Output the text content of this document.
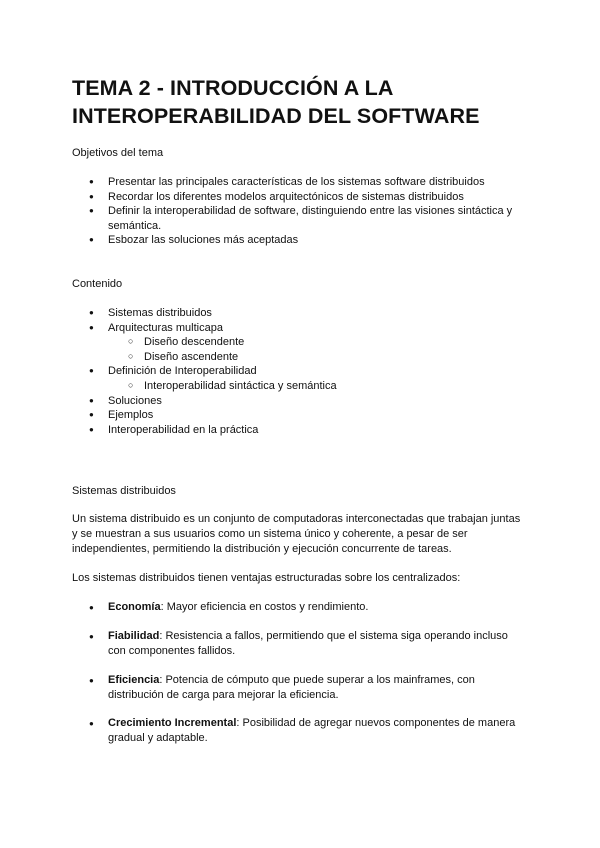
TEMA 2 - INTRODUCCIÓN A LA INTEROPERABILIDAD DEL SOFTWARE

Objetivos del tema

● Presentar las principales características de los sistemas software distribuidos
● Recordar los diferentes modelos arquitectónicos de sistemas distribuidos
● Definir la interoperabilidad de software, distinguiendo entre las visiones sintáctica y semántica.
● Esbozar las soluciones más aceptadas

Contenido

● Sistemas distribuidos
● Arquitecturas multicapa
○ Diseño descendente
○ Diseño ascendente
● Definición de Interoperabilidad
○ Interoperabilidad sintáctica y semántica
● Soluciones
● Ejemplos
● Interoperabilidad en la práctica

Sistemas distribuidos

Un sistema distribuido es un conjunto de computadoras interconectadas que trabajan juntas y se muestran a sus usuarios como un sistema único y coherente, a pesar de ser independientes, permitiendo la distribución y ejecución concurrente de tareas.

Los sistemas distribuidos tienen ventajas estructuradas sobre los centralizados:

● Economía: Mayor eficiencia en costos y rendimiento.
● Fiabilidad: Resistencia a fallos, permitiendo que el sistema siga operando incluso con componentes fallidos.
● Eficiencia: Potencia de cómputo que puede superar a los mainframes, con distribución de carga para mejorar la eficiencia.
● Crecimiento Incremental: Posibilidad de agregar nuevos componentes de manera gradual y adaptable.
